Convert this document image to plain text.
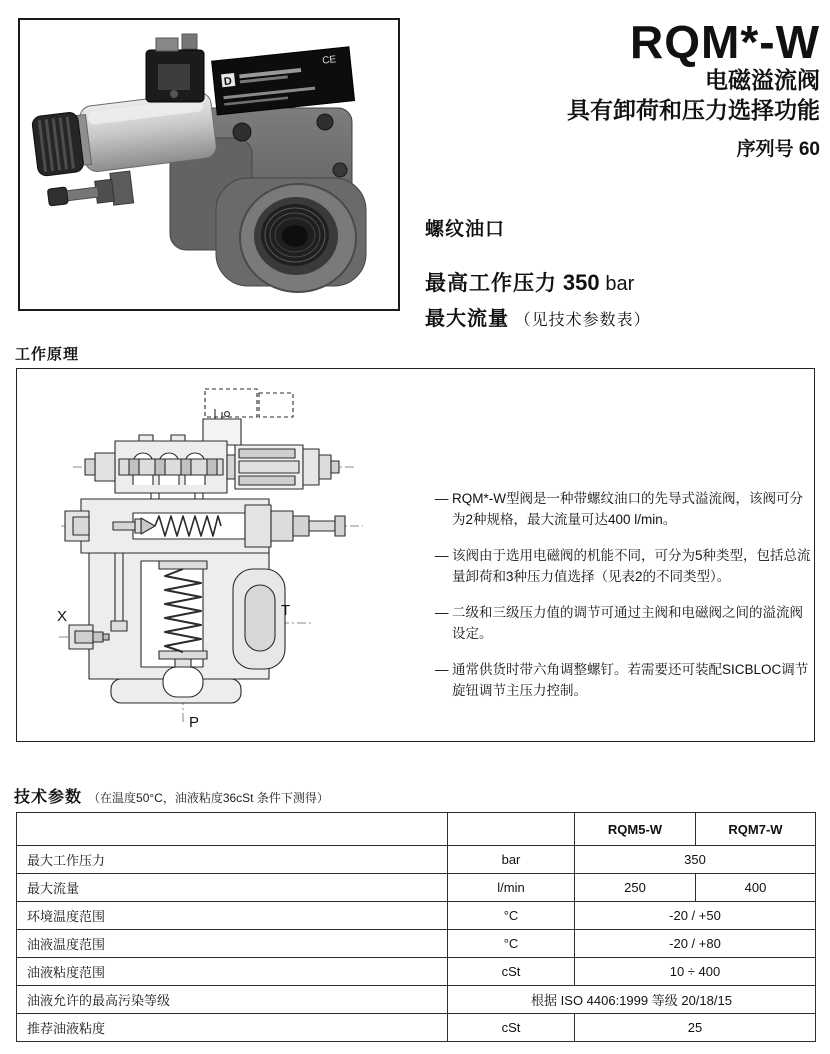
CE
D
RQM*-W
电磁溢流阀
具有卸荷和压力选择功能
序列号 60
螺纹油口
最高工作压力 350 bar
最大流量 （见技术参数表）
工作原理
X	T
P
— RQM*-W型阀是一种带螺纹油口的先导式溢流阀，该阀可分为2种规格，最大流量可达400 l/min。
— 该阀由于选用电磁阀的机能不同，可分为5种类型，包括总流量卸荷和3种压力值选择（见表2的不同类型）。
— 二级和三级压力值的调节可通过主阀和电磁阀之间的溢流阀设定。
— 通常供货时带六角调整螺钉。若需要还可装配SICBLOC调节旋钮调节主压力控制。
技术参数 （在温度50°C，油液粘度36cSt 条件下测得）
		RQM5-W	RQM7-W
最大工作压力	bar	350	
最大流量	l/min	250	400
环境温度范围	°C	-20 / +50	
油液温度范围	°C	-20 / +80	
油液粘度范围	cSt	10 ÷ 400	
油液允许的最高污染等级	根据 ISO 4406:1999 等级 20/18/15		
推荐油液粘度	cSt	25	
